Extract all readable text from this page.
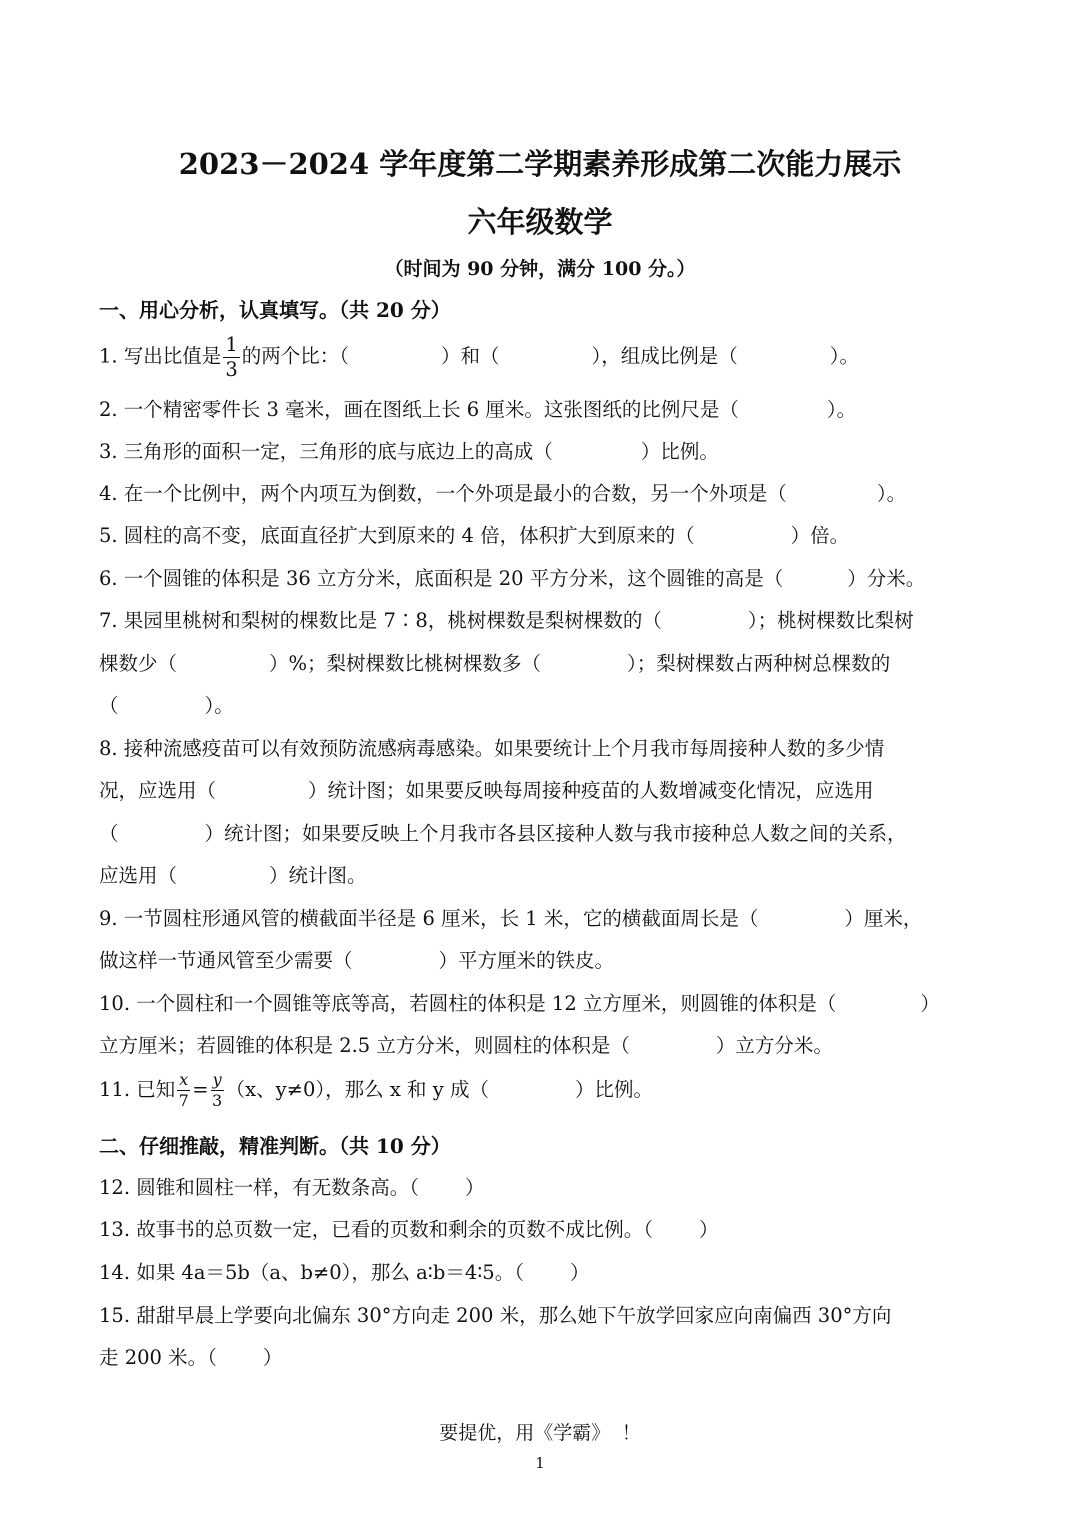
2023－2024 学年度第二学期素养形成第二次能力展示
六年级数学

（时间为 90 分钟，满分 100 分。）

一、用心分析，认真填写。（共 20 分）

1. 写出比值是 $\frac{1}{3}$ 的两个比：（	）和（	），组成比例是（	）。

2. 一个精密零件长 3 毫米，画在图纸上长 6 厘米。这张图纸的比例尺是（	）。

3. 三角形的面积一定，三角形的底与底边上的高成（	）比例。

4. 在一个比例中，两个内项互为倒数，一个外项是最小的合数，另一个外项是（	）。

5. 圆柱的高不变，底面直径扩大到原来的 4 倍，体积扩大到原来的（	）倍。

6. 一个圆锥的体积是 36 立方分米，底面积是 20 平方分米，这个圆锥的高是（	）分米。

7. 果园里桃树和梨树的棵数比是 7∶8，桃树棵数是梨树棵数的（	）；桃树棵数比梨树

棵数少（	）%；梨树棵数比桃树棵数多（	）；梨树棵数占两种树总棵数的

（	）。

8. 接种流感疫苗可以有效预防流感病毒感染。如果要统计上个月我市每周接种人数的多少情

况，应选用（	）统计图；如果要反映每周接种疫苗的人数增减变化情况，应选用

（	）统计图；如果要反映上个月我市各县区接种人数与我市接种总人数之间的关系，

应选用（	）统计图。

9. 一节圆柱形通风管的横截面半径是 6 厘米，长 1 米，它的横截面周长是（	）厘米，

做这样一节通风管至少需要（	）平方厘米的铁皮。

10. 一个圆柱和一个圆锥等底等高，若圆柱的体积是 12 立方厘米，则圆锥的体积是（	）

立方厘米；若圆锥的体积是 2.5 立方分米，则圆柱的体积是（	）立方分米。

11. 已知 $\frac{x}{7} = \frac{y}{3} (x$、y≠0），那么 x 和 y 成（	）比例。

二、仔细推敲，精准判断。（共 10 分）

12. 圆锥和圆柱一样，有无数条高。（ ）

13. 故事书的总页数一定，已看的页数和剩余的页数不成比例。（ ）

14. 如果 4a＝5b（a、b≠0），那么 a∶b＝4∶5。（ ）

15. 甜甜早晨上学要向北偏东 30°方向走 200 米，那么她下午放学回家应向南偏西 30°方向

走 200 米。（ ）

要提优，用《学霸》 ！
1
